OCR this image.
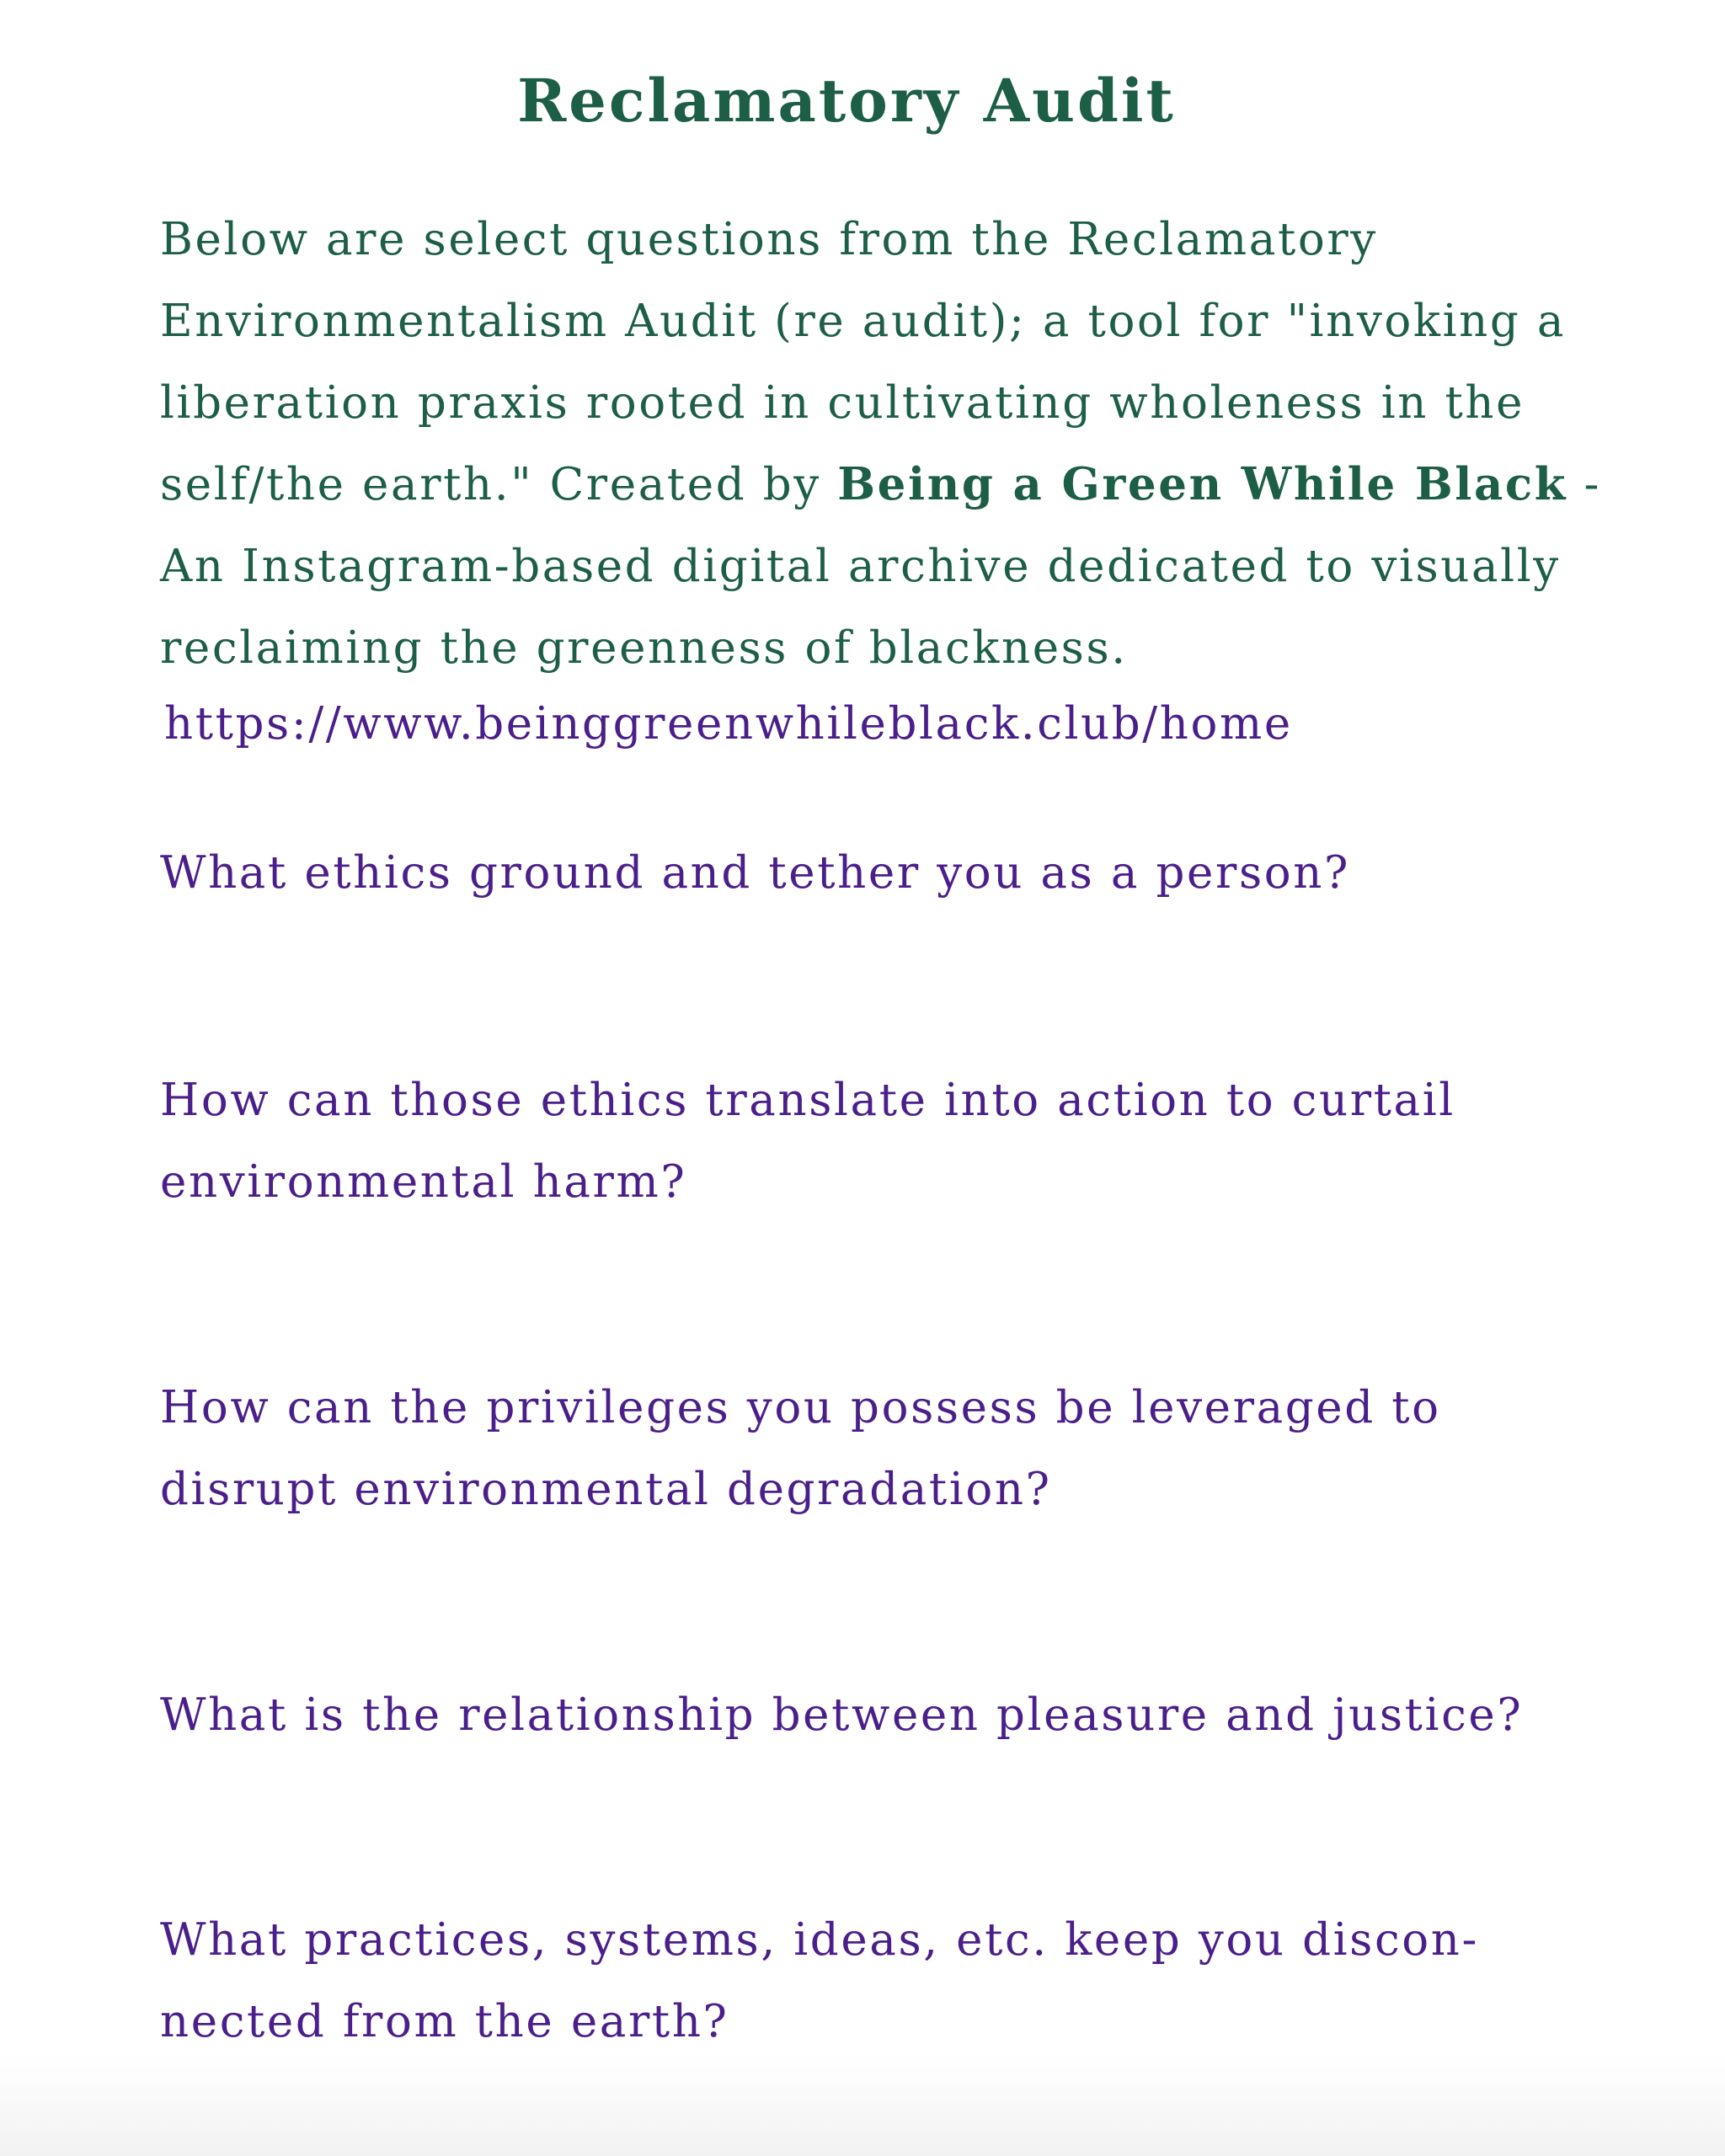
Reclamatory Audit

Below are select questions from the Reclamatory Environmentalism Audit (re audit); a tool for "invoking a liberation praxis rooted in cultivating wholeness in the self/the earth." Created by Being a Green While Black - An Instagram-based digital archive dedicated to visually reclaiming the greenness of blackness.

https://www.beinggreenwhileblack.club/home

What ethics ground and tether you as a person?

How can those ethics translate into action to curtail environmental harm?

How can the privileges you possess be leveraged to disrupt environmental degradation?

What is the relationship between pleasure and justice?

What practices, systems, ideas, etc. keep you discon-nected from the earth?
